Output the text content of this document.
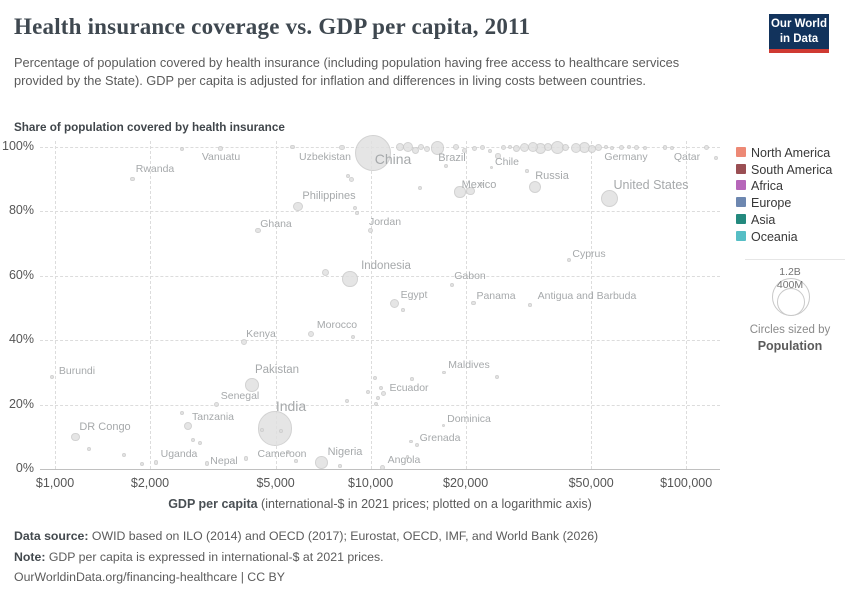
Health insurance coverage vs. GDP per capita, 2011

Percentage of population covered by health insurance (including population having free access to healthcare services provided by the State). GDP per capita is adjusted for inflation and differences in living costs between countries.

Our World
in Data
Share of population covered by health insurance
$1,000	$2,000	$5,000	$10,000	$20,000	$50,000	$100,000
0%
20%
40%
60%
80%
100%
Rwanda
Vanuatu	Uzbekistan China Brazil	Chile
Mexico
Russia
Germany	Qatar
United States
Cyprus
Gabon
Panama Antigua and Barbuda
Egypt
Indonesia
Jordan
Ghana
Philippines
Morocco
Kenya
Maldives
Ecuador
Dominica
Grenada
Angola
Nigeria
Cameroon
Nepal
Uganda
Tanzania
DR Congo
Burundi
Senegal
Pakistan
India
GDP per capita (international-$ in 2021 prices; plotted on a logarithmic axis)
North America
South America
Africa
Europe
Asia
Oceania
1.2B
400M
Circles sized by
Population
Data source: OWID based on ILO (2014) and OECD (2017); Eurostat, OECD, IMF, and World Bank (2026)
Note: GDP per capita is expressed in international-$ at 2021 prices.
OurWorldinData.org/financing-healthcare | CC BY
